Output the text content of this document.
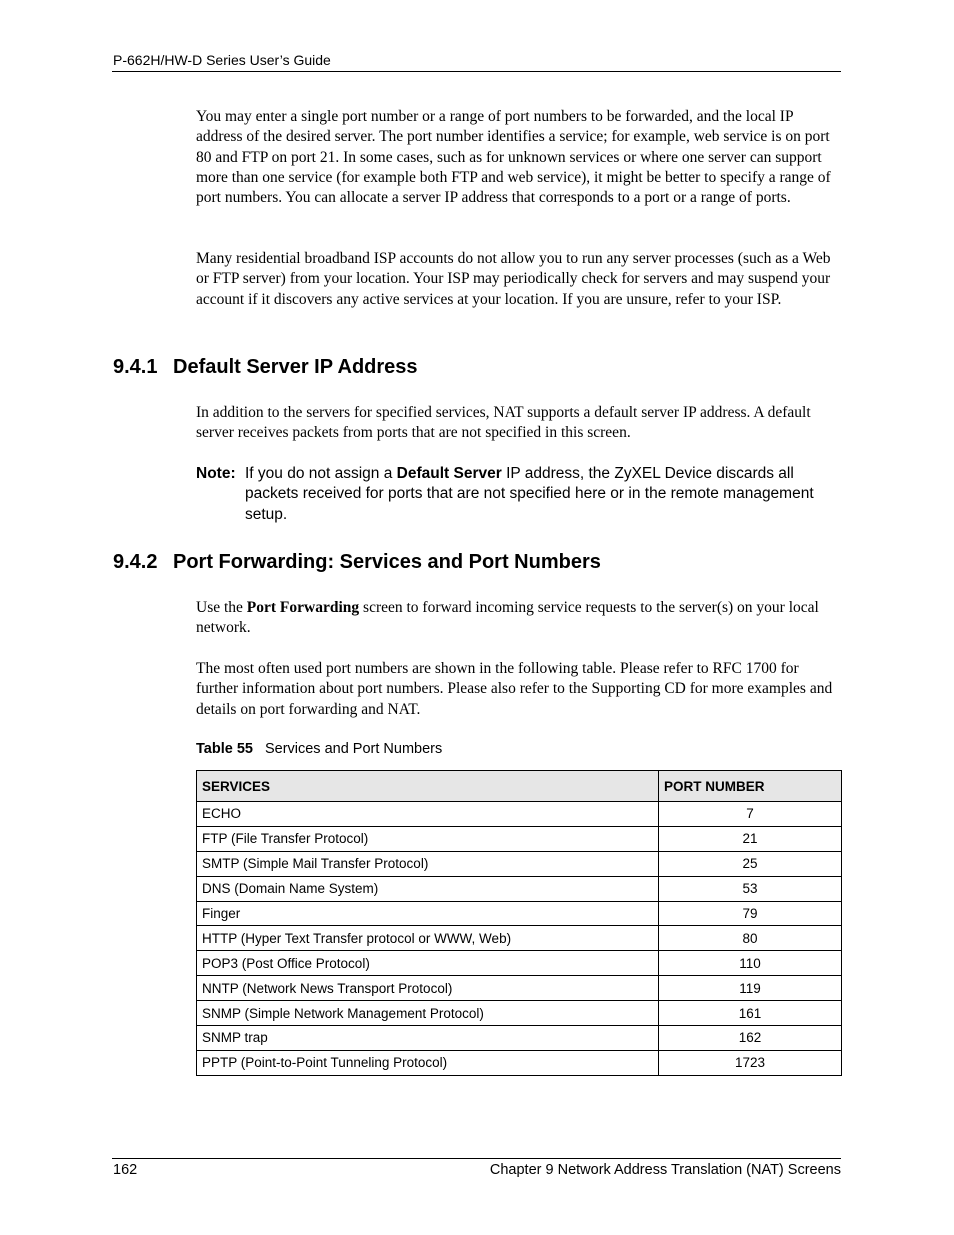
P-662H/HW-D Series User’s Guide
You may enter a single port number or a range of port numbers to be forwarded, and the local IP address of the desired server. The port number identifies a service; for example, web service is on port 80 and FTP on port 21. In some cases, such as for unknown services or where one server can support more than one service (for example both FTP and web service), it might be better to specify a range of port numbers. You can allocate a server IP address that corresponds to a port or a range of ports.
Many residential broadband ISP accounts do not allow you to run any server processes (such as a Web or FTP server) from your location. Your ISP may periodically check for servers and may suspend your account if it discovers any active services at your location. If you are unsure, refer to your ISP.
9.4.1 Default Server IP Address
In addition to the servers for specified services, NAT supports a default server IP address. A default server receives packets from ports that are not specified in this screen.
Note: If you do not assign a Default Server IP address, the ZyXEL Device discards all packets received for ports that are not specified here or in the remote management setup.
9.4.2 Port Forwarding: Services and Port Numbers
Use the Port Forwarding screen to forward incoming service requests to the server(s) on your local network.
The most often used port numbers are shown in the following table. Please refer to RFC 1700 for further information about port numbers. Please also refer to the Supporting CD for more examples and details on port forwarding and NAT.
Table 55 Services and Port Numbers
SERVICES	PORT NUMBER
ECHO	7
FTP (File Transfer Protocol)	21
SMTP (Simple Mail Transfer Protocol)	25
DNS (Domain Name System)	53
Finger	79
HTTP (Hyper Text Transfer protocol or WWW, Web)	80
POP3 (Post Office Protocol)	110
NNTP (Network News Transport Protocol)	119
SNMP (Simple Network Management Protocol)	161
SNMP trap	162
PPTP (Point-to-Point Tunneling Protocol)	1723
162	Chapter 9 Network Address Translation (NAT) Screens
